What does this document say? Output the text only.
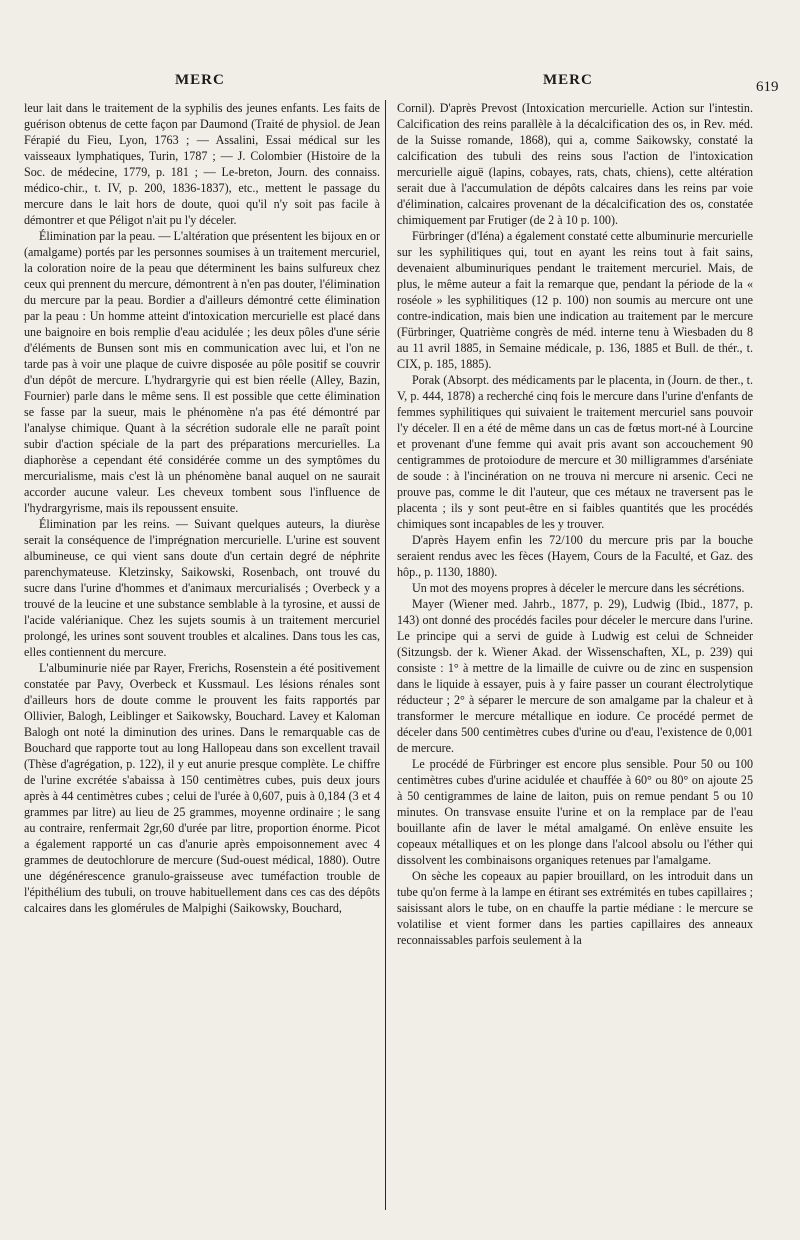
MERC	MERC	619

leur lait dans le traitement de la syphilis des jeunes enfants. Les faits de guérison obtenus de cette façon par Daumond (Traité de physiol. de Jean Férapié du Fieu, Lyon, 1763 ; — Assalini, Essai médical sur les vaisseaux lymphatiques, Turin, 1787 ; — J. Colombier (Histoire de la Soc. de médecine, 1779, p. 181 ; — Le-breton, Journ. des connaiss. médico-chir., t. IV, p. 200, 1836-1837), etc., mettent le passage du mercure dans le lait hors de doute, quoi qu'il n'y soit pas facile à démontrer et que Péligot n'ait pu l'y déceler.

Élimination par la peau. — L'altération que présentent les bijoux en or (amalgame) portés par les personnes soumises à un traitement mercuriel, la coloration noire de la peau que déterminent les bains sulfureux chez ceux qui prennent du mercure, démontrent à n'en pas douter, l'élimination du mercure par la peau. Bordier a d'ailleurs démontré cette élimination par la peau : Un homme atteint d'intoxication mercurielle est placé dans une baignoire en bois remplie d'eau acidulée ; les deux pôles d'une série d'éléments de Bunsen sont mis en communication avec lui, et l'on ne tarde pas à voir une plaque de cuivre disposée au pôle positif se couvrir d'un dépôt de mercure. L'hydrargyrie qui est bien réelle (Alley, Bazin, Fournier) parle dans le même sens. Il est possible que cette élimination se fasse par la sueur, mais le phénomène n'a pas été démontré par l'analyse chimique. Quant à la sécrétion sudorale elle ne paraît point subir d'action spéciale de la part des préparations mercurielles. La diaphorèse a cependant été considérée comme un des symptômes du mercurialisme, mais c'est là un phénomène banal auquel on ne saurait accorder aucune valeur. Les cheveux tombent sous l'influence de l'hydrargyrisme, mais ils repoussent ensuite.

Élimination par les reins. — Suivant quelques auteurs, la diurèse serait la conséquence de l'imprégnation mercurielle. L'urine est souvent albumineuse, ce qui vient sans doute d'un certain degré de néphrite parenchymateuse. Kletzinsky, Saikowski, Rosenbach, ont trouvé du sucre dans l'urine d'hommes et d'animaux mercurialisés ; Overbeck y a trouvé de la leucine et une substance semblable à la tyrosine, et aussi de l'acide valérianique. Chez les sujets soumis à un traitement mercuriel prolongé, les urines sont souvent troubles et alcalines. Dans tous les cas, elles contiennent du mercure.

L'albuminurie niée par Rayer, Frerichs, Rosenstein a été positivement constatée par Pavy, Overbeck et Kussmaul. Les lésions rénales sont d'ailleurs hors de doute comme le prouvent les faits rapportés par Ollivier, Balogh, Leiblinger et Saikowsky, Bouchard. Lavey et Kaloman Balogh ont noté la diminution des urines. Dans le remarquable cas de Bouchard que rapporte tout au long Hallopeau dans son excellent travail (Thèse d'agrégation, p. 122), il y eut anurie presque complète. Le chiffre de l'urine excrétée s'abaissa à 150 centimètres cubes, puis deux jours après à 44 centimètres cubes ; celui de l'urée à 0,607, puis à 0,184 (3 et 4 grammes par litre) au lieu de 25 grammes, moyenne ordinaire ; le sang au contraire, renfermait 2gr,60 d'urée par litre, proportion énorme. Picot a également rapporté un cas d'anurie après empoisonnement avec 4 grammes de deutochlorure de mercure (Sud-ouest médical, 1880). Outre une dégénérescence granulo-graisseuse avec tuméfaction trouble de l'épithélium des tubuli, on trouve habituellement dans ces cas des dépôts calcaires dans les glomérules de Malpighi (Saikowsky, Bouchard,

Cornil). D'après Prevost (Intoxication mercurielle. Action sur l'intestin. Calcification des reins parallèle à la décalcification des os, in Rev. méd. de la Suisse romande, 1868), qui a, comme Saikowsky, constaté la calcification des tubuli des reins sous l'action de l'intoxication mercurielle aiguë (lapins, cobayes, rats, chats, chiens), cette altération serait due à l'accumulation de dépôts calcaires dans les reins par voie d'élimination, calcaires provenant de la décalcification des os, constatée chimiquement par Frutiger (de 2 à 10 p. 100).

Fürbringer (d'Iéna) a également constaté cette albuminurie mercurielle sur les syphilitiques qui, tout en ayant les reins tout à fait sains, devenaient albuminuriques pendant le traitement mercuriel. Mais, de plus, le même auteur a fait la remarque que, pendant la période de la « roséole » les syphilitiques (12 p. 100) non soumis au mercure ont une contre-indication, mais bien une indication au traitement par le mercure (Fürbringer, Quatrième congrès de méd. interne tenu à Wiesbaden du 8 au 11 avril 1885, in Semaine médicale, p. 136, 1885 et Bull. de thér., t. CIX, p. 185, 1885).

Porak (Absorpt. des médicaments par le placenta, in (Journ. de ther., t. V, p. 444, 1878) a recherché cinq fois le mercure dans l'urine d'enfants de femmes syphilitiques qui suivaient le traitement mercuriel sans pouvoir l'y déceler. Il en a été de même dans un cas de fœtus mort-né à Lourcine et provenant d'une femme qui avait pris avant son accouchement 90 centigrammes de protoiodure de mercure et 30 milligrammes d'arséniate de soude : à l'incinération on ne trouva ni mercure ni arsenic. Ceci ne prouve pas, comme le dit l'auteur, que ces métaux ne traversent pas le placenta ; ils y sont peut-être en si faibles quantités que les procédés chimiques sont incapables de les y trouver.

D'après Hayem enfin les 72/100 du mercure pris par la bouche seraient rendus avec les fèces (Hayem, Cours de la Faculté, et Gaz. des hôp., p. 1130, 1880).

Un mot des moyens propres à déceler le mercure dans les sécrétions.

Mayer (Wiener med. Jahrb., 1877, p. 29), Ludwig (Ibid., 1877, p. 143) ont donné des procédés faciles pour déceler le mercure dans l'urine. Le principe qui a servi de guide à Ludwig est celui de Schneider (Sitzungsb. der k. Wiener Akad. der Wissenschaften, XL, p. 239) qui consiste : 1° à mettre de la limaille de cuivre ou de zinc en suspension dans le liquide à essayer, puis à y faire passer un courant électrolytique réducteur ; 2° à séparer le mercure de son amalgame par la chaleur et à transformer le mercure métallique en iodure. Ce procédé permet de déceler dans 500 centimètres cubes d'urine ou d'eau, l'existence de 0,001 de mercure.

Le procédé de Fürbringer est encore plus sensible. Pour 50 ou 100 centimètres cubes d'urine acidulée et chauffée à 60° ou 80° on ajoute 25 à 50 centigrammes de laine de laiton, puis on remue pendant 5 ou 10 minutes. On transvase ensuite l'urine et on la remplace par de l'eau bouillante afin de laver le métal amalgamé. On enlève ensuite les copeaux métalliques et on les plonge dans l'alcool absolu ou l'éther qui dissolvent les combinaisons organiques retenues par l'amalgame.

On sèche les copeaux au papier brouillard, on les introduit dans un tube qu'on ferme à la lampe en étirant ses extrémités en tubes capillaires ; saisissant alors le tube, on en chauffe la partie médiane : le mercure se volatilise et vient former dans les parties capillaires des anneaux reconnaissables parfois seulement à la
